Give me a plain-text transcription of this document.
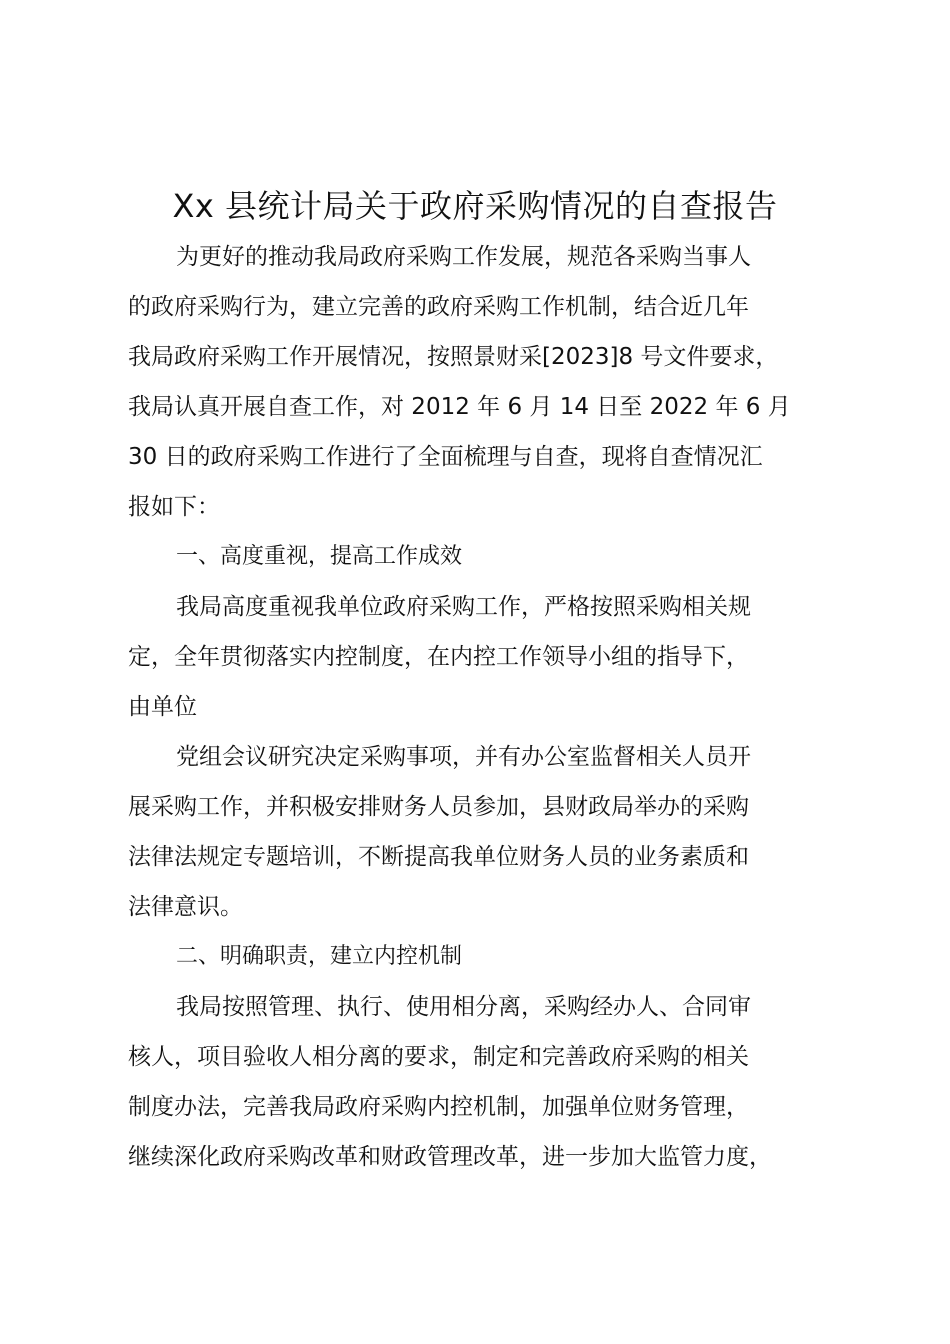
Xx 县统计局关于政府采购情况的自查报告
为更好的推动我局政府采购工作发展，规范各采购当事人
的政府采购行为，建立完善的政府采购工作机制，结合近几年
我局政府采购工作开展情况，按照景财采[2023]8 号文件要求，
我局认真开展自查工作，对 2012 年 6 月 14 日至 2022 年 6 月
30 日的政府采购工作进行了全面梳理与自查，现将自查情况汇
报如下：
一、高度重视，提高工作成效
我局高度重视我单位政府采购工作，严格按照采购相关规
定，全年贯彻落实内控制度，在内控工作领导小组的指导下，
由单位
党组会议研究决定采购事项，并有办公室监督相关人员开
展采购工作，并积极安排财务人员参加，县财政局举办的采购
法律法规定专题培训，不断提高我单位财务人员的业务素质和
法律意识。
二、明确职责，建立内控机制
我局按照管理、执行、使用相分离，采购经办人、合同审
核人，项目验收人相分离的要求，制定和完善政府采购的相关
制度办法，完善我局政府采购内控机制，加强单位财务管理，
继续深化政府采购改革和财政管理改革，进一步加大监管力度，
